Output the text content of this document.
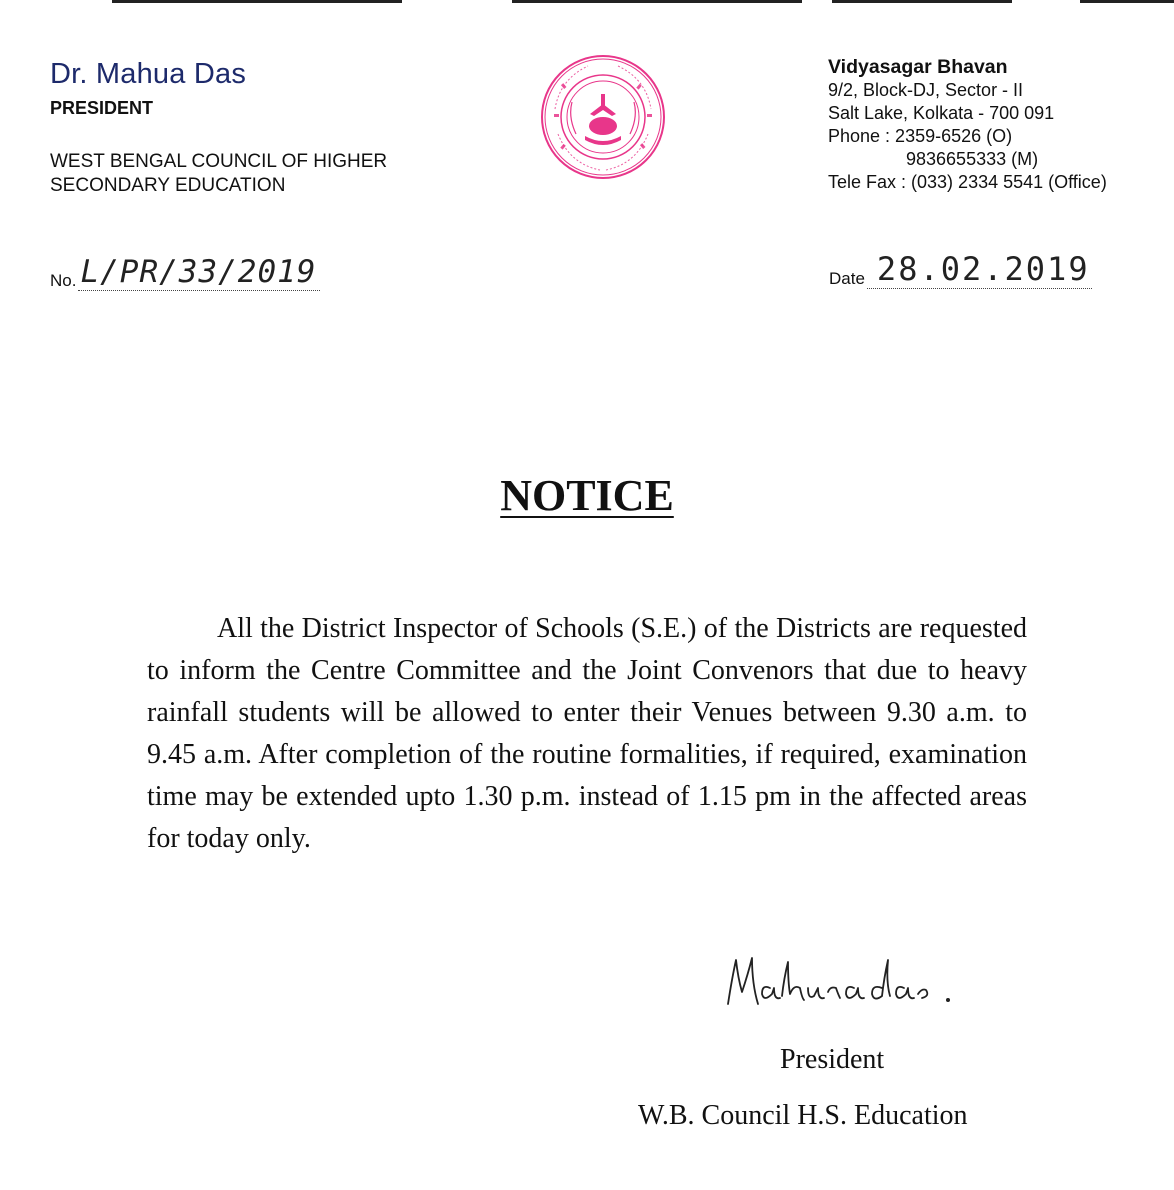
Dr. Mahua Das
PRESIDENT
WEST BENGAL COUNCIL OF HIGHER SECONDARY EDUCATION
Vidyasagar Bhavan
9/2, Block-DJ, Sector - II
Salt Lake, Kolkata - 700 091
Phone : 2359-6526 (O)
9836655333 (M)
Tele Fax : (033) 2334 5541 (Office)
No. L/PR/33/2019	Date 28.02.2019
NOTICE
All the District Inspector of Schools (S.E.) of the Districts are requested to inform the Centre Committee and the Joint Convenors that due to heavy rainfall students will be allowed to enter their Venues between 9.30 a.m. to 9.45 a.m. After completion of the routine formalities, if required, examination time may be extended upto 1.30 p.m. instead of 1.15 pm in the affected areas for today only.
President
W.B. Council H.S. Education
